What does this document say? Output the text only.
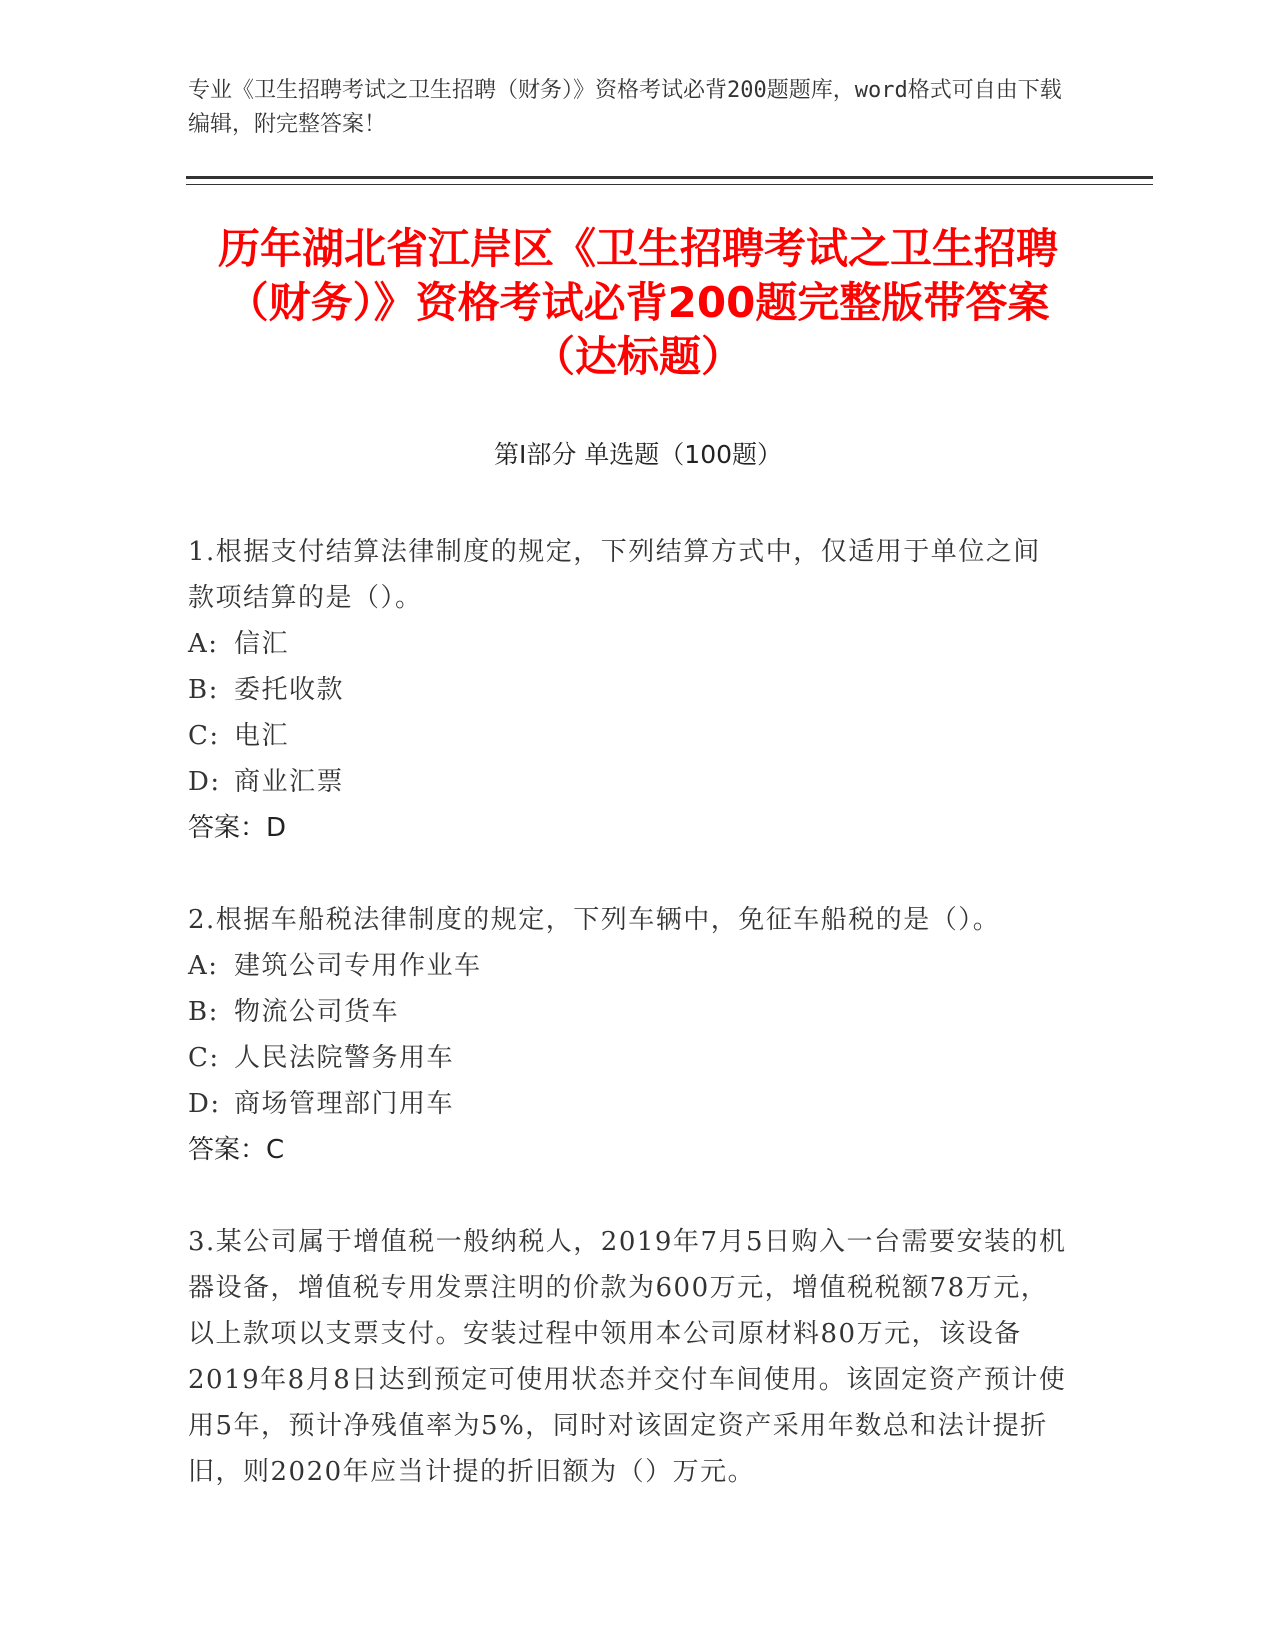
专业《卫生招聘考试之卫生招聘（财务）》资格考试必背200题题库，word格式可自由下载编辑，附完整答案！
历年湖北省江岸区《卫生招聘考试之卫生招聘（财务）》资格考试必背200题完整版带答案（达标题）
第Ⅰ部分 单选题（100题）

1.根据支付结算法律制度的规定，下列结算方式中，仅适用于单位之间款项结算的是（）。

A: 信汇
B: 委托收款
C: 电汇
D: 商业汇票
答案：D

2.根据车船税法律制度的规定，下列车辆中，免征车船税的是（）。

A: 建筑公司专用作业车
B: 物流公司货车
C: 人民法院警务用车
D: 商场管理部门用车
答案：C

3.某公司属于增值税一般纳税人，2019年7月5日购入一台需要安装的机器设备，增值税专用发票注明的价款为600万元，增值税税额78万元，以上款项以支票支付。安装过程中领用本公司原材料80万元，该设备2019年8月8日达到预定可使用状态并交付车间使用。该固定资产预计使用5年，预计净残值率为5%，同时对该固定资产采用年数总和法计提折旧，则2020年应当计提的折旧额为（）万元。
